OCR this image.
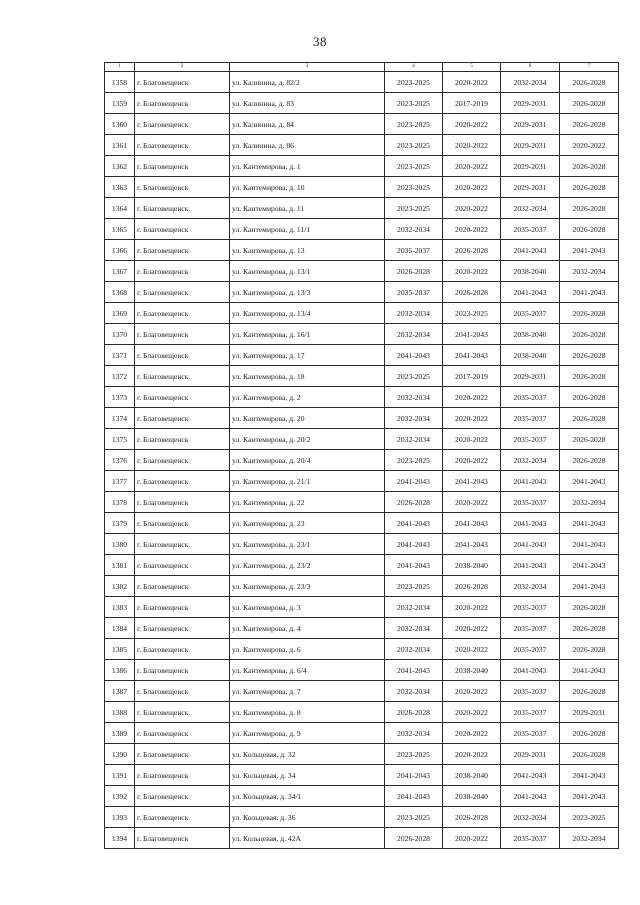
38
1	2	3	4	5	6	7
1358	г. Благовещенск	ул. Калинина, д. 82/2	2023-2025	2020-2022	2032-2034	2026-2028
1359	г. Благовещенск	ул. Калинина, д. 83	2023-2025	2017-2019	2029-2031	2026-2028
1360	г. Благовещенск	ул. Калинина, д. 84	2023-2025	2020-2022	2029-2031	2026-2028
1361	г. Благовещенск	ул. Калинина, д. 86	2023-2025	2020-2022	2029-2031	2020-2022
1362	г. Благовещенск	ул. Кантемирова, д. 1	2023-2025	2020-2022	2029-2031	2026-2028
1363	г. Благовещенск	ул. Кантемирова, д. 10	2023-2025	2020-2022	2029-2031	2026-2028
1364	г. Благовещенск	ул. Кантемирова, д. 11	2023-2025	2020-2022	2032-2034	2026-2028
1365	г. Благовещенск	ул. Кантемирова, д. 11/1	2032-2034	2020-2022	2035-2037	2026-2028
1366	г. Благовещенск	ул. Кантемирова, д. 13	2035-2037	2026-2028	2041-2043	2041-2043
1367	г. Благовещенск	ул. Кантемирова, д. 13/1	2026-2028	2020-2022	2038-2040	2032-2034
1368	г. Благовещенск	ул. Кантемирова, д. 13/3	2035-2037	2026-2028	2041-2043	2041-2043
1369	г. Благовещенск	ул. Кантемирова, д. 13/4	2032-2034	2023-2025	2035-2037	2026-2028
1370	г. Благовещенск	ул. Кантемирова, д. 16/1	2032-2034	2041-2043	2038-2040	2026-2028
1371	г. Благовещенск	ул. Кантемирова, д. 17	2041-2043	2041-2043	2038-2040	2026-2028
1372	г. Благовещенск	ул. Кантемирова, д. 18	2023-2025	2017-2019	2029-2031	2026-2028
1373	г. Благовещенск	ул. Кантемирова, д. 2	2032-2034	2020-2022	2035-2037	2026-2028
1374	г. Благовещенск	ул. Кантемирова, д. 20	2032-2034	2020-2022	2035-2037	2026-2028
1375	г. Благовещенск	ул. Кантемирова, д. 20/2	2032-2034	2020-2022	2035-2037	2026-2028
1376	г. Благовещенск	ул. Кантемирова, д. 20/4	2023-2025	2020-2022	2032-2034	2026-2028
1377	г. Благовещенск	ул. Кантемирова, д. 21/1	2041-2043	2041-2043	2041-2043	2041-2043
1378	г. Благовещенск	ул. Кантемирова, д. 22	2026-2028	2020-2022	2035-2037	2032-2034
1379	г. Благовещенск	ул. Кантемирова, д. 23	2041-2043	2041-2043	2041-2043	2041-2043
1380	г. Благовещенск	ул. Кантемирова, д. 23/1	2041-2043	2041-2043	2041-2043	2041-2043
1381	г. Благовещенск	ул. Кантемирова, д. 23/2	2041-2043	2038-2040	2041-2043	2041-2043
1382	г. Благовещенск	ул. Кантемирова, д. 23/3	2023-2025	2026-2028	2032-2034	2041-2043
1383	г. Благовещенск	ул. Кантемирова, д. 3	2032-2034	2020-2022	2035-2037	2026-2028
1384	г. Благовещенск	ул. Кантемирова, д. 4	2032-2034	2020-2022	2035-2037	2026-2028
1385	г. Благовещенск	ул. Кантемирова, д. 6	2032-2034	2020-2022	2035-2037	2026-2028
1386	г. Благовещенск	ул. Кантемирова, д. 6/4	2041-2043	2038-2040	2041-2043	2041-2043
1387	г. Благовещенск	ул. Кантемирова, д. 7	2032-2034	2020-2022	2035-2037	2026-2028
1388	г. Благовещенск	ул. Кантемирова, д. 8	2026-2028	2020-2022	2035-2037	2029-2031
1389	г. Благовещенск	ул. Кантемирова, д. 9	2032-2034	2020-2022	2035-2037	2026-2028
1390	г. Благовещенск	ул. Кольцевая, д. 32	2023-2025	2020-2022	2029-2031	2026-2028
1391	г. Благовещенск	ул. Кольцевая, д. 34	2041-2043	2038-2040	2041-2043	2041-2043
1392	г. Благовещенск	ул. Кольцевая, д. 34/1	2041-2043	2038-2040	2041-2043	2041-2043
1393	г. Благовещенск	ул. Кольцевая, д. 36	2023-2025	2026-2028	2032-2034	2023-2025
1394	г. Благовещенск	ул. Кольцевая, д. 42А	2026-2028	2020-2022	2035-2037	2032-2034
